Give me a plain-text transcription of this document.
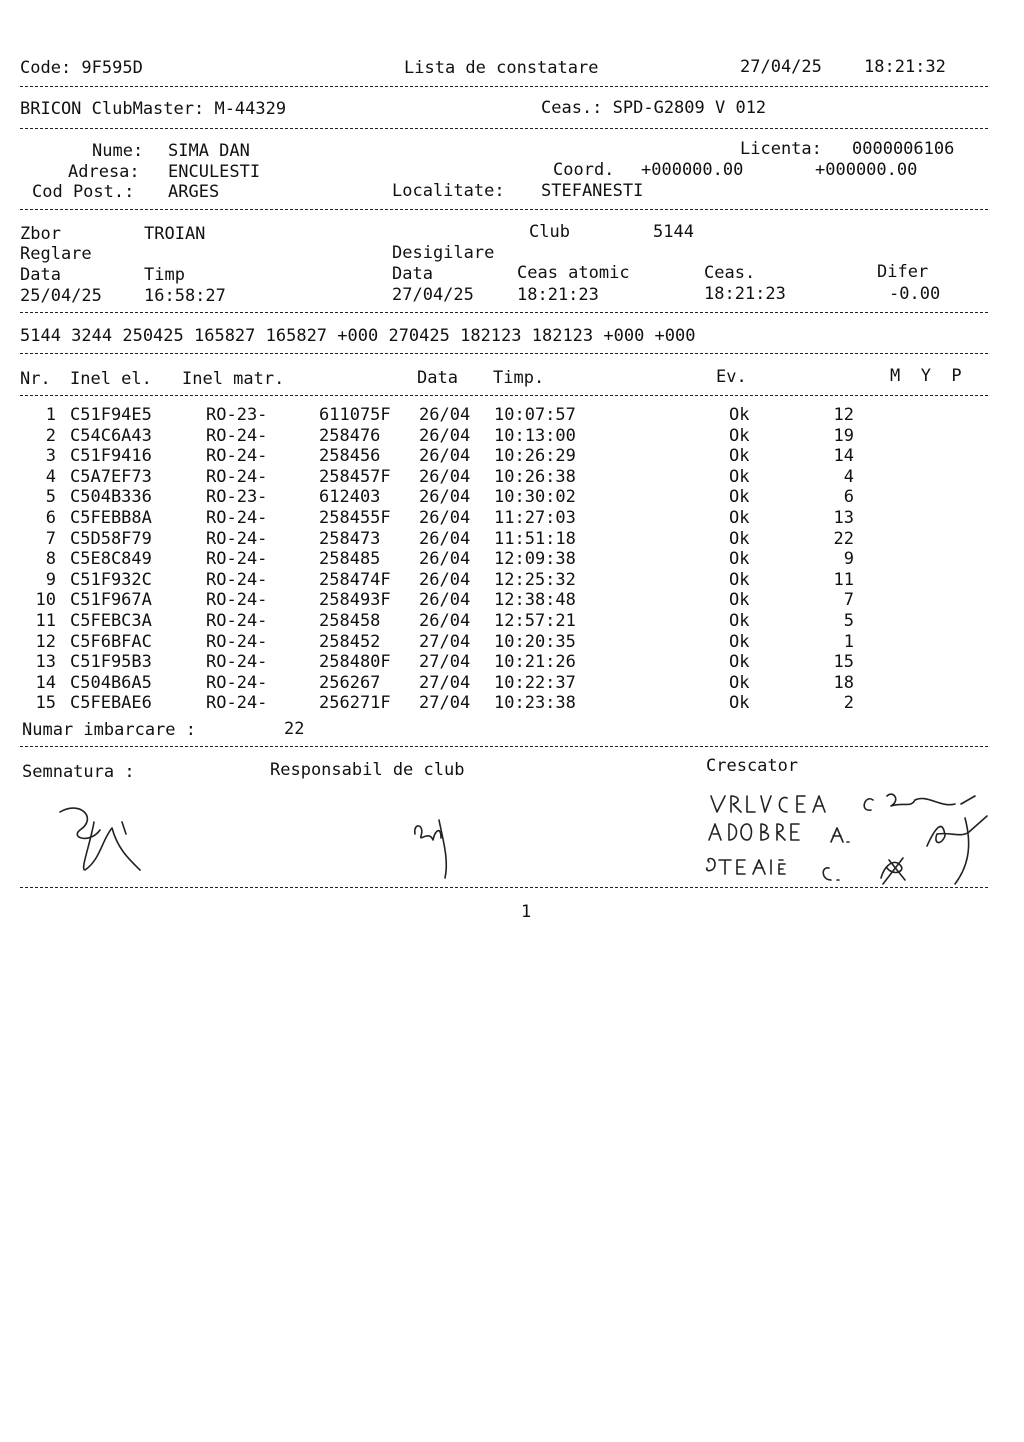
Code: 9F595D	Lista de constatare	27/04/25 18:21:32
BRICON ClubMaster: M-44329	Ceas.: SPD-G2809 V 012
Nume: SIMA DAN	Licenta: 0000006106
Adresa: ENCULESTI	Coord. +000000.00	+000000.00
Cod Post.: ARGES	Localitate: STEFANESTI
Zbor	TROIAN	Club	5144
Reglare	Desigilare
Data	Timp	Data	Ceas atomic	Ceas.	Difer
25/04/25 16:58:27	27/04/25	18:21:23	18:21:23	-0.00
5144 3244 250425 165827 165827 +000 270425 182123 182123 +000 +000
Nr. Inel el. Inel matr.	Data Timp.	Ev.	M  Y  P
1 C51F94E5	RO-23-	611075F 26/04 10:07:57	Ok	12
2 C54C6A43	RO-24-	258476 26/04 10:13:00	Ok	19
3 C51F9416	RO-24-	258456 26/04 10:26:29	Ok	14
4 C5A7EF73	RO-24-	258457F 26/04 10:26:38	Ok	4
5 C504B336	RO-23-	612403 26/04 10:30:02	Ok	6
6 C5FEBB8A	RO-24-	258455F 26/04 11:27:03	Ok	13
7 C5D58F79	RO-24-	258473 26/04 11:51:18	Ok	22
8 C5E8C849	RO-24-	258485 26/04 12:09:38	Ok	9
9 C51F932C	RO-24-	258474F 26/04 12:25:32	Ok	11
10 C51F967A	RO-24-	258493F 26/04 12:38:48	Ok	7
11 C5FEBC3A	RO-24-	258458 26/04 12:57:21	Ok	5
12 C5F6BFAC	RO-24-	258452 27/04 10:20:35	Ok	1
13 C51F95B3	RO-24-	258480F 27/04 10:21:26	Ok	15
14 C504B6A5	RO-24-	256267 27/04 10:22:37	Ok	18
15 C5FEBAE6	RO-24-	256271F 27/04 10:23:38	Ok	2
Numar imbarcare :	22
Semnatura :	Responsabil de club	Crescator
1
